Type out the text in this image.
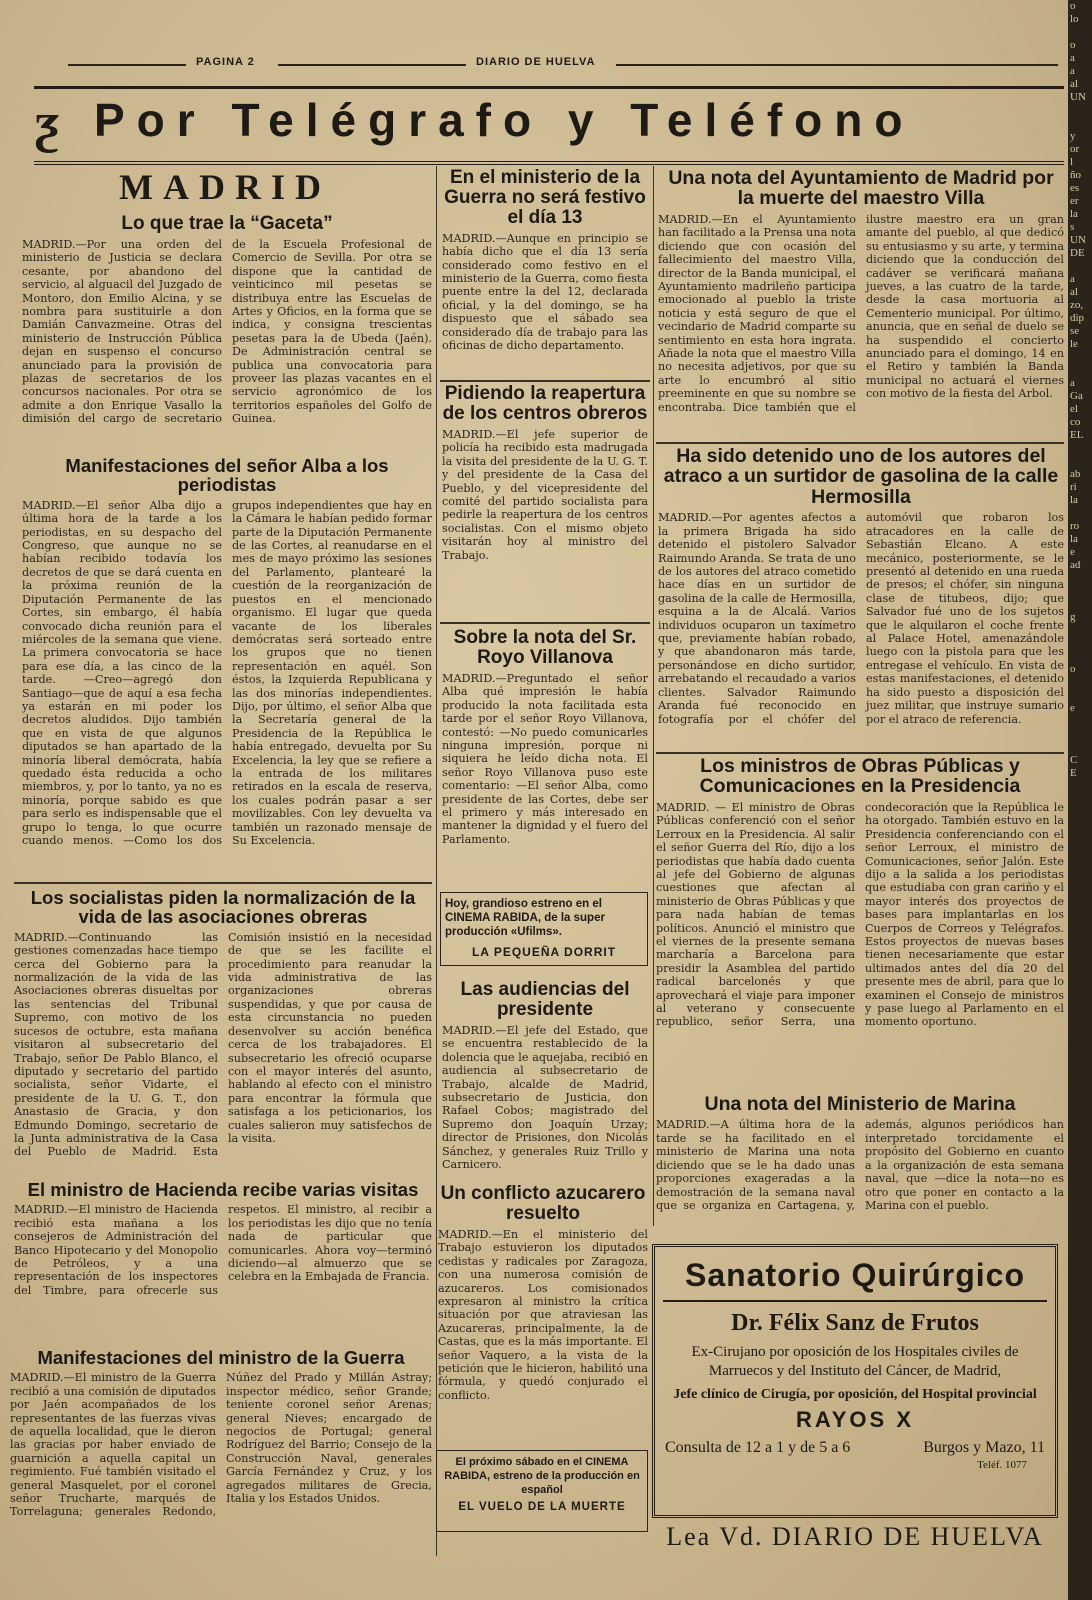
o
lo

o
a
a
al
UN

y
or
l
ño
es
er
la
s
UN
DE

a
al
zo,
dip
se
le

a
Ga
el
co
EL

ab
ri
la

ro
la
e
ad

g

o

e

C
E
PAGINA 2	DIARIO DE HUELVA
ƺ Por Telégrafo y Teléfono
MADRID
Lo que trae la “Gaceta”
MADRID.—Por una orden del ministerio de Justicia se declara cesante, por abandono del servicio, al alguacil del Juzgado de Montoro, don Emilio Alcina, y se nombra para sustituirle a don Damián Canvazmeine. Otras del ministerio de Instrucción Pública dejan en suspenso el concurso anunciado para la provisión de plazas de secretarios de los concursos nacionales. Por otra se admite a don Enrique Vasallo la dimisión del cargo de secretario de la Escuela Profesional de Comercio de Sevilla. Por otra se dispone que la cantidad de veinticinco mil pesetas se distribuya entre las Escuelas de Artes y Oficios, en la forma que se indica, y consigna trescientas pesetas para la de Ubeda (Jaén). De Administración central se publica una convocatoria para proveer las plazas vacantes en el servicio agronómico de los territorios españoles del Golfo de Guinea.
Manifestaciones del señor Alba a los periodistas
MADRID.—El señor Alba dijo a última hora de la tarde a los periodistas, en su despacho del Congreso, que aunque no se habían recibido todavía los decretos de que se dará cuenta en la próxima reunión de la Diputación Permanente de las Cortes, sin embargo, él había convocado dicha reunión para el miércoles de la semana que viene. La primera convocatoria se hace para ese día, a las cinco de la tarde. —Creo—agregó don Santiago—que de aquí a esa fecha ya estarán en mi poder los decretos aludidos. Dijo también que en vista de que algunos diputados se han apartado de la minoría liberal demócrata, había quedado ésta reducida a ocho miembros, y, por lo tanto, ya no es minoría, porque sabido es que para serlo es indispensable que el grupo lo tenga, lo que ocurre cuando menos. —Como los dos grupos independientes que hay en la Cámara le habían pedido formar parte de la Diputación Permanente de las Cortes, al reanudarse en el mes de mayo próximo las sesiones del Parlamento, plantearé la cuestión de la reorganización de puestos en el mencionado organismo. El lugar que queda vacante de los liberales demócratas será sorteado entre los grupos que no tienen representación en aquél. Son éstos, la Izquierda Republicana y las dos minorías independientes. Dijo, por último, el señor Alba que la Secretaría general de la Presidencia de la República le había entregado, devuelta por Su Excelencia, la ley que se refiere a la entrada de los militares retirados en la escala de reserva, los cuales podrán pasar a ser movilizables. Con ley devuelta va también un razonado mensaje de Su Excelencia.
Los socialistas piden la normalización de la vida de las asociaciones obreras
MADRID.—Continuando las gestiones comenzadas hace tiempo cerca del Gobierno para la normalización de la vida de las Asociaciones obreras disueltas por las sentencias del Tribunal Supremo, con motivo de los sucesos de octubre, esta mañana visitaron al subsecretario del Trabajo, señor De Pablo Blanco, el diputado y secretario del partido socialista, señor Vidarte, el presidente de la U. G. T., don Anastasio de Gracia, y don Edmundo Domingo, secretario de la Junta administrativa de la Casa del Pueblo de Madrid. Esta Comisión insistió en la necesidad de que se les facilite el procedimiento para reanudar la vida administrativa de las organizaciones obreras suspendidas, y que por causa de esta circunstancia no pueden desenvolver su acción benéfica cerca de los trabajadores. El subsecretario les ofreció ocuparse con el mayor interés del asunto, hablando al efecto con el ministro para encontrar la fórmula que satisfaga a los peticionarios, los cuales salieron muy satisfechos de la visita.
El ministro de Hacienda recibe varias visitas
MADRID.—El ministro de Hacienda recibió esta mañana a los consejeros de Administración del Banco Hipotecario y del Monopolio de Petróleos, y a una representación de los inspectores del Timbre, para ofrecerle sus respetos. El ministro, al recibir a los periodistas les dijo que no tenía nada de particular que comunicarles. Ahora voy—terminó diciendo—al almuerzo que se celebra en la Embajada de Francia.
Manifestaciones del ministro de la Guerra
MADRID.—El ministro de la Guerra recibió a una comisión de diputados por Jaén acompañados de los representantes de las fuerzas vivas de aquella localidad, que le dieron las gracias por haber enviado de guarnición a aquella capital un regimiento. Fué también visitado el general Masquelet, por el coronel señor Trucharte, marqués de Torrelaguna; generales Redondo, Núñez del Prado y Millán Astray; inspector médico, señor Grande; teniente coronel señor Arenas; general Nieves; encargado de negocios de Portugal; general Rodríguez del Barrio; Consejo de la Construcción Naval, generales García Fernández y Cruz, y los agregados militares de Grecia, Italia y los Estados Unidos.
En el ministerio de la Guerra no será festivo el día 13
MADRID.—Aunque en principio se había dicho que el día 13 sería considerado como festivo en el ministerio de la Guerra, como fiesta puente entre la del 12, declarada oficial, y la del domingo, se ha dispuesto que el sábado sea considerado día de trabajo para las oficinas de dicho departamento.
Pidiendo la reapertura de los centros obreros
MADRID.—El jefe superior de policía ha recibido esta madrugada la visita del presidente de la U. G. T. y del presidente de la Casa del Pueblo, y del vicepresidente del comité del partido socialista para pedirle la reapertura de los centros socialistas. Con el mismo objeto visitarán hoy al ministro del Trabajo.
Sobre la nota del Sr. Royo Villanova
MADRID.—Preguntado el señor Alba qué impresión le había producido la nota facilitada esta tarde por el señor Royo Villanova, contestó: —No puedo comunicarles ninguna impresión, porque ni siquiera he leído dicha nota. El señor Royo Villanova puso este comentario: —El señor Alba, como presidente de las Cortes, debe ser el primero y más interesado en mantener la dignidad y el fuero del Parlamento.
Hoy, grandioso estreno en el CINEMA RABIDA, de la super producción «Ufilms».
LA PEQUEÑA DORRIT
Las audiencias del presidente
MADRID.—El jefe del Estado, que se encuentra restablecido de la dolencia que le aquejaba, recibió en audiencia al subsecretario de Trabajo, alcalde de Madrid, subsecretario de Justicia, don Rafael Cobos; magistrado del Supremo don Joaquín Urzay; director de Prisiones, don Nicolás Sánchez, y generales Ruiz Trillo y Carnicero.
Un conflicto azucarero resuelto
MADRID.—En el ministerio del Trabajo estuvieron los diputados cedistas y radicales por Zaragoza, con una numerosa comisión de azucareros. Los comisionados expresaron al ministro la crítica situación por que atraviesan las Azucareras, principalmente, la de Castas, que es la más importante. El señor Vaquero, a la vista de la petición que le hicieron, habilitó una fórmula, y quedó conjurado el conflicto.
El próximo sábado en el CINEMA RABIDA, estreno de la producción en español
EL VUELO DE LA MUERTE
Una nota del Ayuntamiento de Madrid por la muerte del maestro Villa
MADRID.—En el Ayuntamiento han facilitado a la Prensa una nota diciendo que con ocasión del fallecimiento del maestro Villa, director de la Banda municipal, el Ayuntamiento madrileño participa emocionado al pueblo la triste noticia y está seguro de que el vecindario de Madrid comparte su sentimiento en esta hora ingrata. Añade la nota que el maestro Villa no necesita adjetivos, por que su arte lo encumbró al sitio preeminente en que su nombre se encontraba. Dice también que el ilustre maestro era un gran amante del pueblo, al que dedicó su entusiasmo y su arte, y termina diciendo que la conducción del cadáver se verificará mañana jueves, a las cuatro de la tarde, desde la casa mortuoria al Cementerio municipal. Por último, anuncia, que en señal de duelo se ha suspendido el concierto anunciado para el domingo, 14 en el Retiro y también la Banda municipal no actuará el viernes con motivo de la fiesta del Arbol.
Ha sido detenido uno de los autores del atraco a un surtidor de gasolina de la calle Hermosilla
MADRID.—Por agentes afectos a la primera Brigada ha sido detenido el pistolero Salvador Raimundo Aranda. Se trata de uno de los autores del atraco cometido hace días en un surtidor de gasolina de la calle de Hermosilla, esquina a la de Alcalá. Varios individuos ocuparon un taxímetro que, previamente habían robado, y que abandonaron más tarde, personándose en dicho surtidor, arrebatando el recaudado a varios clientes. Salvador Raimundo Aranda fué reconocido en fotografía por el chófer del automóvil que robaron los atracadores en la calle de Sebastián Elcano. A este mecánico, posteriormente, se le presentó al detenido en una rueda de presos; el chófer, sin ninguna clase de titubeos, dijo; que Salvador fué uno de los sujetos que le alquilaron el coche frente al Palace Hotel, amenazándole luego con la pistola para que les entregase el vehículo. En vista de estas manifestaciones, el detenido ha sido puesto a disposición del juez militar, que instruye sumario por el atraco de referencia.
Los ministros de Obras Públicas y Comunicaciones en la Presidencia
MADRID. — El ministro de Obras Públicas conferenció con el señor Lerroux en la Presidencia. Al salir el señor Guerra del Río, dijo a los periodistas que había dado cuenta al jefe del Gobierno de algunas cuestiones que afectan al ministerio de Obras Públicas y que para nada habían de temas políticos. Anunció el ministro que el viernes de la presente semana marcharía a Barcelona para presidir la Asamblea del partido radical barcelonés y que aprovechará el viaje para imponer al veterano y consecuente republico, señor Serra, una condecoración que la República le ha otorgado. También estuvo en la Presidencia conferenciando con el señor Lerroux, el ministro de Comunicaciones, señor Jalón. Este dijo a la salida a los periodistas que estudiaba con gran cariño y el mayor interés dos proyectos de bases para implantarlas en los Cuerpos de Correos y Telégrafos. Estos proyectos de nuevas bases tienen necesariamente que estar ultimados antes del día 20 del presente mes de abril, para que lo examinen el Consejo de ministros y pase luego al Parlamento en el momento oportuno.
Una nota del Ministerio de Marina
MADRID.—A última hora de la tarde se ha facilitado en el ministerio de Marina una nota diciendo que se le ha dado unas proporciones exageradas a la demostración de la semana naval que se organiza en Cartagena, y, además, algunos periódicos han interpretado torcidamente el propósito del Gobierno en cuanto a la organización de esta semana naval, que —dice la nota—no es otro que poner en contacto a la Marina con el pueblo.
Sanatorio Quirúrgico
Dr. Félix Sanz de Frutos
Ex-Cirujano por oposición de los Hospitales civiles de Marruecos y del Instituto del Cáncer, de Madrid,
Jefe clínico de Cirugía, por oposición, del Hospital provincial
RAYOS X
Consulta de 12 a 1 y de 5 a 6	Burgos y Mazo, 11
Teléf. 1077
Lea Vd. DIARIO DE HUELVA
